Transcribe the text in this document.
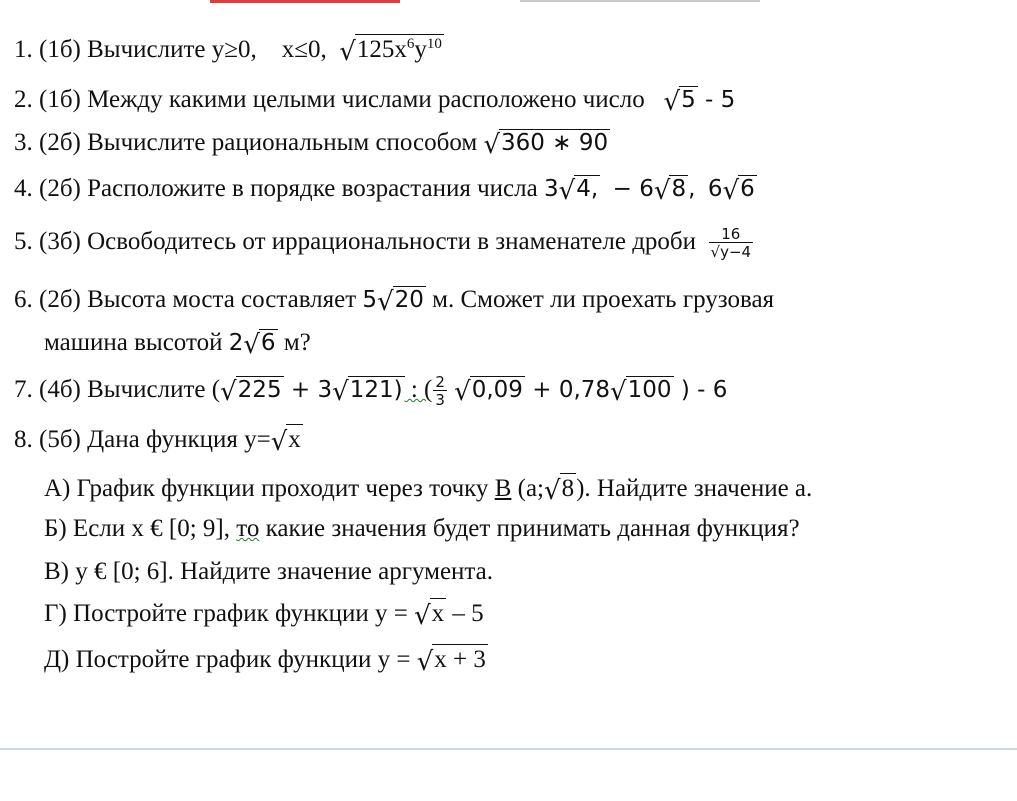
1. (1б) Вычислите y≥0, x≤0, √ $125x^6y^{10}$
2. (1б) Между какими целыми числами расположено число √ 5 - 5
3. (2б) Вычислите рациональным способом √ 360 ∗ 90
4. (2б) Расположите в порядке возрастания числа 3 √ 4, − 6 √ 8 , 6 √ 6
5. (3б) Освободитесь от иррациональности в знаменателе дроби $\frac{16}{√y-4}$
6. (2б) Высота моста составляет 5 √ 20 м. Сможет ли проехать грузовая
машина высотой 2 √ 6 м?
7. (4б) Вычислите ( √ 225 + 3 √ 121) : ( $\frac{2}{3}$
√ 0,09 + 0,78 √ 100 ) - 6
8. (5б) Дана функция y= √ x
А) График функции проходит через точку В (a; √ 8 ). Найдите значение a.
Б) Если x € [0; 9], то какие значения будет принимать данная функция?
В) y € [0; 6]. Найдите значение аргумента.
Г) Постройте график функции y = √ x – 5
Д) Постройте график функции y = √ x + 3
